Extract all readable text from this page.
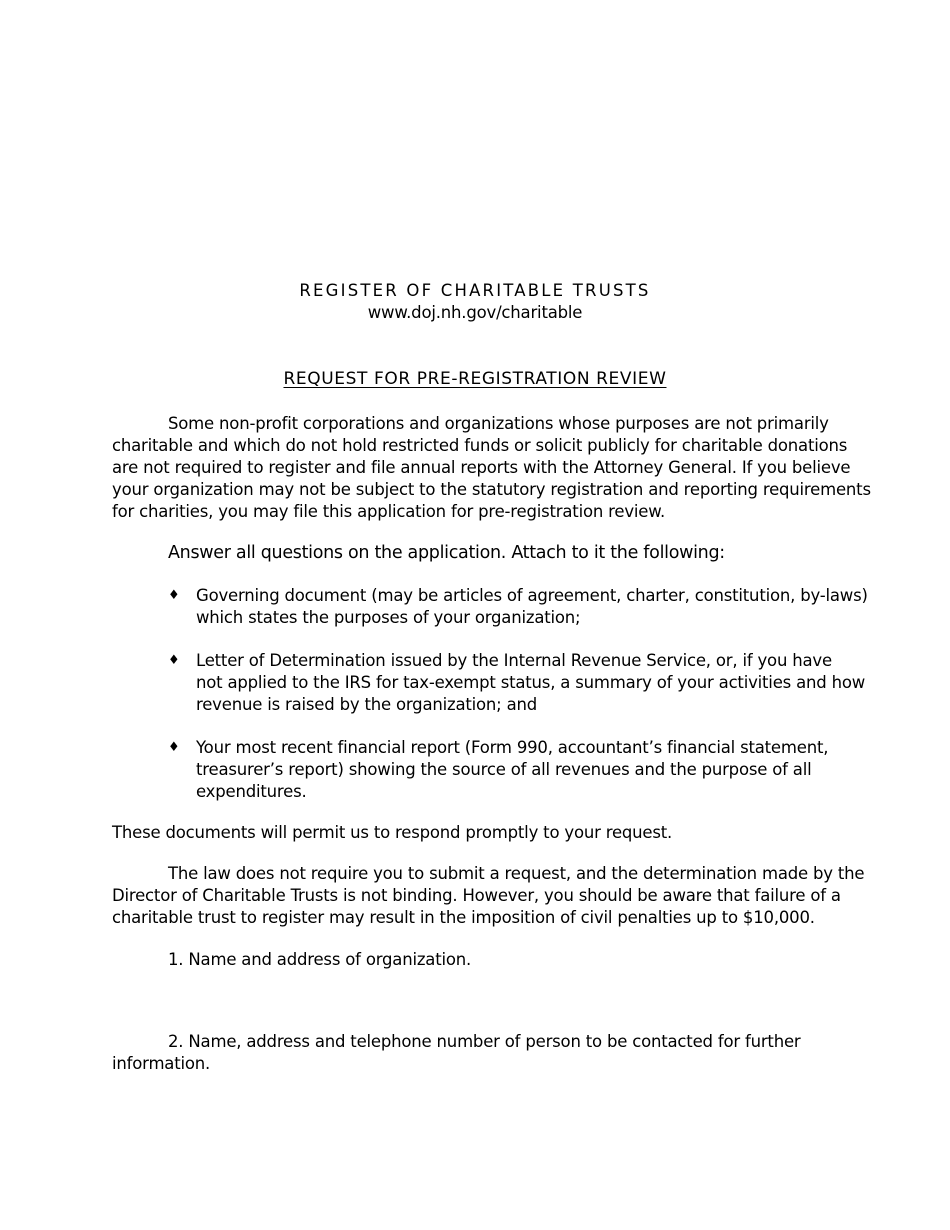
REGISTER OF CHARITABLE TRUSTS
www.doj.nh.gov/charitable
REQUEST FOR PRE-REGISTRATION REVIEW
Some non-profit corporations and organizations whose purposes are not primarily
charitable and which do not hold restricted funds or solicit publicly for charitable donations
are not required to register and file annual reports with the Attorney General. If you believe
your organization may not be subject to the statutory registration and reporting requirements
for charities, you may file this application for pre-registration review.
Answer all questions on the application. Attach to it the following:
♦ Governing document (may be articles of agreement, charter, constitution, by-laws)
which states the purposes of your organization;
♦ Letter of Determination issued by the Internal Revenue Service, or, if you have
not applied to the IRS for tax-exempt status, a summary of your activities and how
revenue is raised by the organization; and
♦ Your most recent financial report (Form 990, accountant’s financial statement,
treasurer’s report) showing the source of all revenues and the purpose of all
expenditures.
These documents will permit us to respond promptly to your request.
The law does not require you to submit a request, and the determination made by the
Director of Charitable Trusts is not binding. However, you should be aware that failure of a
charitable trust to register may result in the imposition of civil penalties up to $10,000.
1. Name and address of organization.
2. Name, address and telephone number of person to be contacted for further
information.
